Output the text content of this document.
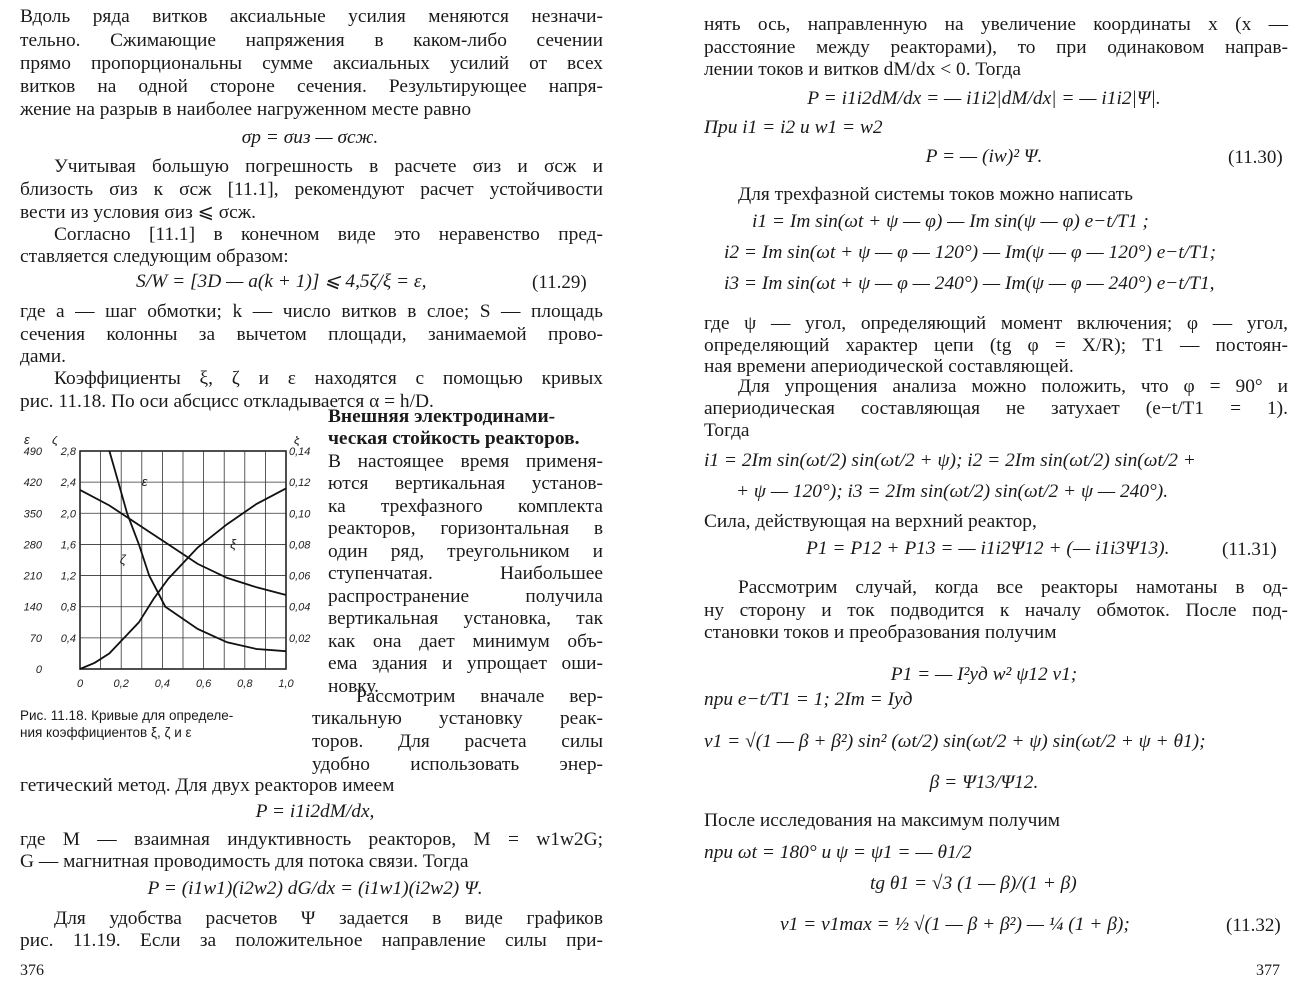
Вдоль ряда витков аксиальные усилия меняются незначи-
тельно. Сжимающие напряжения в каком-либо сечении
прямо пропорциональны сумме аксиальных усилий от всех
витков на одной стороне сечения. Результирующее напря-
жение на разрыв в наиболее нагруженном месте равно
σр = σиз — σсж.
Учитывая большую погрешность в расчете σиз и σсж и
близость σиз к σсж [11.1], рекомендуют расчет устойчивости
вести из условия σиз ⩽ σсж.
Согласно [11.1] в конечном виде это неравенство пред-
ставляется следующим образом:
S/W = [3D — a(k + 1)] ⩽ 4,5ζ/ξ = ε,	(11.29)
где a — шаг обмотки; k — число витков в слое; S — площадь
сечения колонны за вычетом площади, занимаемой прово-
дами.
Коэффициенты ξ, ζ и ε находятся с помощью кривых
рис. 11.18. По оси абсцисс откладывается α = h/D.
490
420
350
280
210
140
70
0
2,8
2,4
2,0
1,6
1,2
0,8
0,4
0,14
0,12
0,10
0,08
0,06
0,04
0,02
0	0,2 0,4 0,6 0,8 1,0
ε ζ	ξ
ε
ζ
ξ
Рис. 11.18. Кривые для определе-
ния коэффициентов ξ, ζ и ε
Внешняя электродинами-
ческая стойкость реакторов.
В настоящее время применя-
ются вертикальная установ-
ка трехфазного комплекта
реакторов, горизонтальная в
один ряд, треугольником и
ступенчатая. Наибольшее
распространение получила
вертикальная установка, так
как она дает минимум объ-
ема здания и упрощает оши-
новку.
Рассмотрим вначале вер-
тикальную установку реак-
торов. Для расчета силы
удобно использовать энер-
гетический метод. Для двух реакторов имеем
P = i1i2dM/dx,
где M — взаимная индуктивность реакторов, M = w1w2G;
G — магнитная проводимость для потока связи. Тогда
P = (i1w1)(i2w2) dG/dx = (i1w1)(i2w2) Ψ.
Для удобства расчетов Ψ задается в виде графиков
рис. 11.19. Если за положительное направление силы при-
376
нять ось, направленную на увеличение координаты x (x —
расстояние между реакторами), то при одинаковом направ-
лении токов и витков dM/dx < 0. Тогда
P = i1i2dM/dx = — i1i2|dM/dx| = — i1i2|Ψ|.
При i1 = i2 и w1 = w2
P = — (iw)² Ψ.	(11.30)
Для трехфазной системы токов можно написать
i1 = Im sin(ωt + ψ — φ) — Im sin(ψ — φ) e−t/T1 ;
i2 = Im sin(ωt + ψ — φ — 120°) — Im(ψ — φ — 120°) e−t/T1;
i3 = Im sin(ωt + ψ — φ — 240°) — Im(ψ — φ — 240°) e−t/T1,
где ψ — угол, определяющий момент включения; φ — угол,
определяющий характер цепи (tg φ = X/R); T1 — постоян-
ная времени апериодической составляющей.
Для упрощения анализа можно положить, что φ = 90° и
апериодическая составляющая не затухает (e−t/T1 = 1).
Тогда
i1 = 2Im sin(ωt/2) sin(ωt/2 + ψ); i2 = 2Im sin(ωt/2) sin(ωt/2 +
+ ψ — 120°); i3 = 2Im sin(ωt/2) sin(ωt/2 + ψ — 240°).
Сила, действующая на верхний реактор,
P1 = P12 + P13 = — i1i2Ψ12 + (— i1i3Ψ13).	(11.31)
Рассмотрим случай, когда все реакторы намотаны в од-
ну сторону и ток подводится к началу обмоток. После под-
становки токов и преобразования получим
P1 = — I²уд w² ψ12 ν1;
при e−t/T1 = 1; 2Im = Iуд
ν1 = √(1 — β + β²) sin² (ωt/2) sin(ωt/2 + ψ) sin(ωt/2 + ψ + θ1);
β = Ψ13/Ψ12.
После исследования на максимум получим
при ωt = 180° и ψ = ψ1 = — θ1/2
tg θ1 = √3 (1 — β)/(1 + β)
ν1 = ν1max = ½ √(1 — β + β²) — ¼ (1 + β);	(11.32)
377
